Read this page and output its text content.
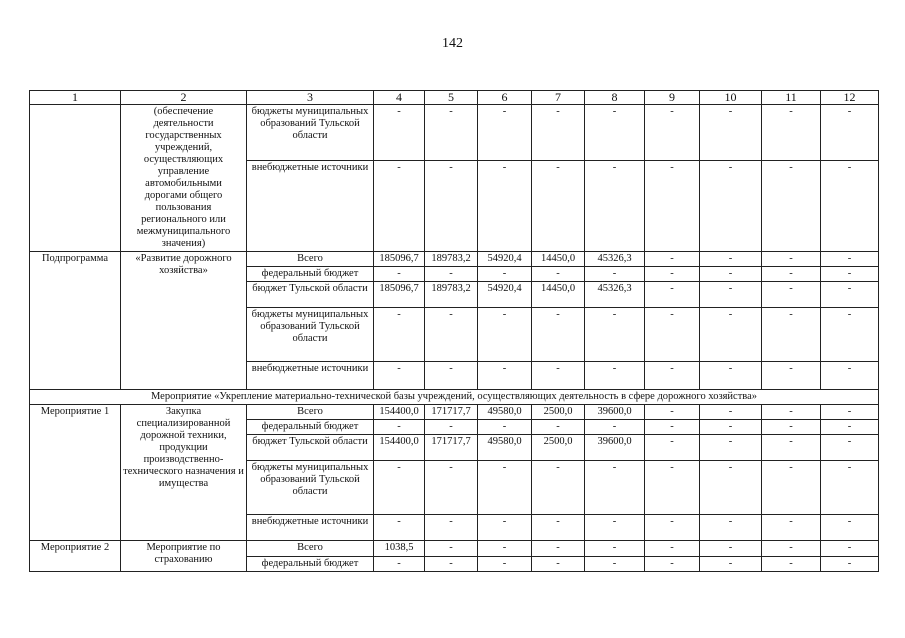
142
1	2	3	4	5	6	7	8	9	10	11	12
	(обеспечение деятельности государственных учреждений, осуществляющих управление автомобильными дорогами общего пользования регионального или межмуниципального значения)	бюджеты муниципальных образований Тульской области	-	-	-	-	-	-	-	-	-
		внебюджетные источники	-	-	-	-	-	-	-	-	-
Подпрограмма	«Развитие дорожного хозяйства»	Всего	185096,7	189783,2	54920,4	14450,0	45326,3	-	-	-	-
		федеральный бюджет	-	-	-	-	-	-	-	-	-
		бюджет Тульской области	185096,7	189783,2	54920,4	14450,0	45326,3	-	-	-	-
		бюджеты муниципальных образований Тульской области	-	-	-	-	-	-	-	-	-
		внебюджетные источники	-	-	-	-	-	-	-	-	-
Мероприятие «Укрепление материально-технической базы учреждений, осуществляющих деятельность в сфере дорожного хозяйства»											
Мероприятие 1	Закупка специализированной дорожной техники, продукции производственно-технического назначения и имущества	Всего	154400,0	171717,7	49580,0	2500,0	39600,0	-	-	-	-
		федеральный бюджет	-	-	-	-	-	-	-	-	-
		бюджет Тульской области	154400,0	171717,7	49580,0	2500,0	39600,0	-	-	-	-
		бюджеты муниципальных образований Тульской области	-	-	-	-	-	-	-	-	-
		внебюджетные источники	-	-	-	-	-	-	-	-	-
Мероприятие 2	Мероприятие по страхованию	Всего	1038,5	-	-	-	-	-	-	-	-
		федеральный бюджет	-	-	-	-	-	-	-	-	-
